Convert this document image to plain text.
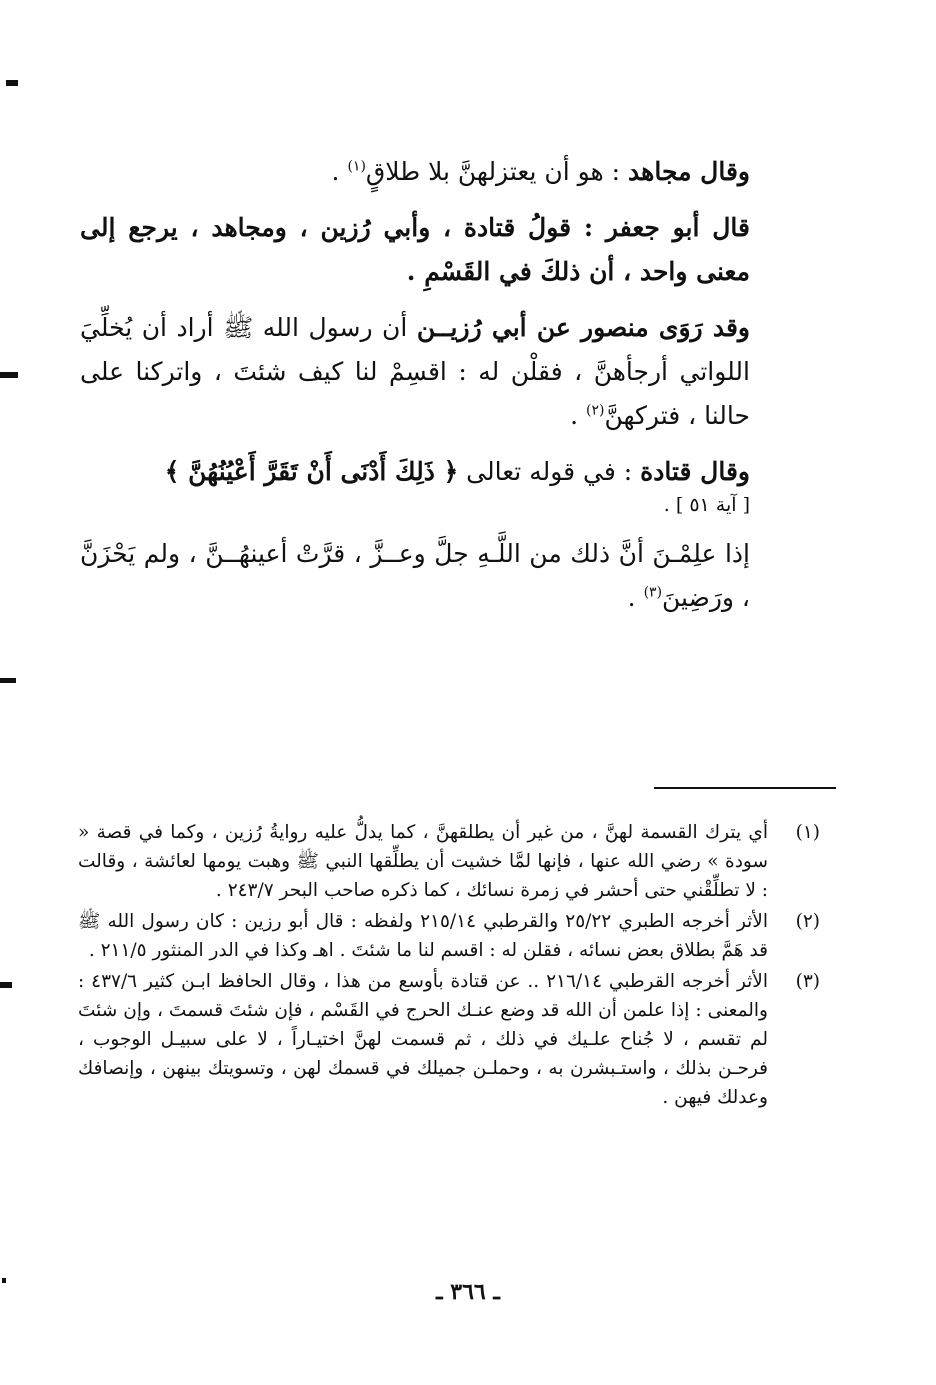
وقال مجاهد : هو أن يعتزلهنَّ بلا طلاقٍ$^{(١)}$ .

قال أبو جعفر : قولُ قتادة ، وأبي رُزين ، ومجاهد ، يرجع إلى معنى واحد ، أن ذلكَ في القَسْمِ .

وقد رَوَى منصور عن أبي رُزيــن أن رسول الله ﷺ أراد أن يُخلِّيَ اللواتي أرجأهنَّ ، فقلْن له : اقسِمْ لنا كيف شئتَ ، واتركنا على حالنا ، فتركهنَّ$^{(٢)}$ .

وقال قتادة : في قوله تعالى ﴿ ذَلِكَ أَدْنَى أَنْ تَقَرَّ أَعْيُنُهُنَّ ﴾
[ آية ٥١ ] .

إذا علِمْـنَ أنَّ ذلك من اللَّـهِ جلَّ وعــزَّ ، قرَّتْ أعينهُــنَّ ، ولم يَحْزَنَّ ، ورَضِينَ$^{(٣)}$ .

(١)
أي يترك القسمة لهنَّ ، من غير أن يطلقهنَّ ، كما يدلُّ عليه روايةُ رُزين ، وكما في قصة « سودة » رضي الله عنها ، فإنها لمَّا خشيت أن يطلِّقها النبي ﷺ وهبت يومها لعائشة ، وقالت : لا تطلِّقْني حتى أحشر في زمرة نسائك ، كما ذكره صاحب البحر ٢٤٣/٧ .
(٢)
الأثر أخرجه الطبري ٢٥/٢٢ والقرطبي ٢١٥/١٤ ولفظه : قال أبو رزين : كان رسول الله ﷺ قد هَمَّ بطلاق بعض نسائه ، فقلن له : اقسم لنا ما شئتَ . اهـ وكذا في الدر المنثور ٢١١/٥ .
(٣)
الأثر أخرجه القرطبي ٢١٦/١٤ .. عن قتادة بأوسع من هذا ، وقال الحافظ ابـن كثير ٤٣٧/٦ : والمعنى : إذا علمن أن الله قد وضع عنـك الحرج في القَسْم ، فإن شئتَ قسمتَ ، وإن شئتَ لم تقسم ، لا جُناح علـيك في ذلك ، ثم قسمت لهنَّ اختيـاراً ، لا على سبيـل الوجوب ، فرحـن بذلك ، واستـبشرن به ، وحملـن جميلك في قسمك لهن ، وتسويتك بينهن ، وإنصافك وعدلك فيهن .
ـ ٣٦٦ ـ
